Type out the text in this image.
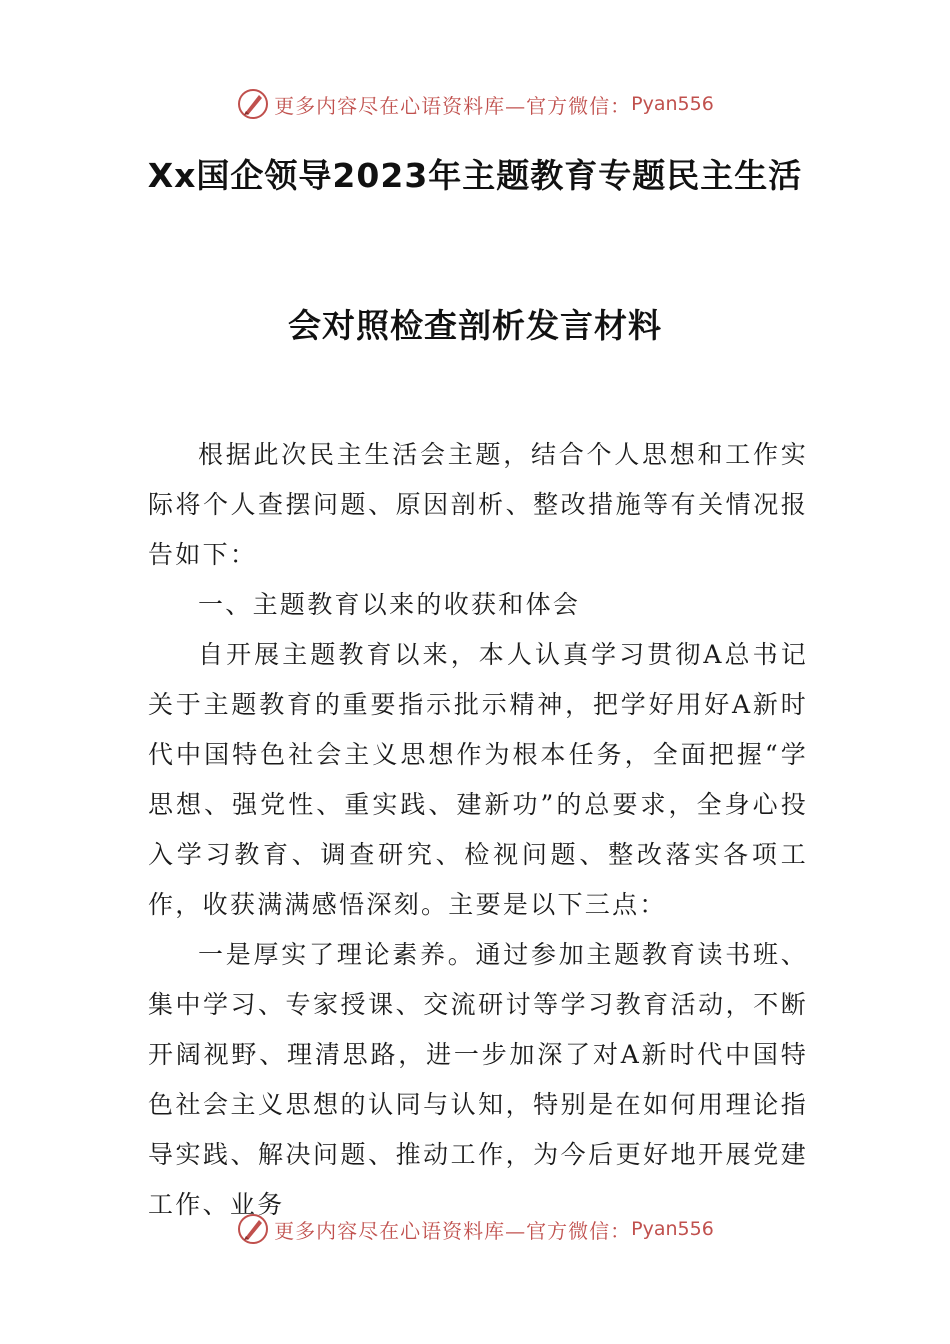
更多内容尽在心语资料库—官方微信： Pyan556
Xx国企领导2023年主题教育专题民主生活
会对照检查剖析发言材料

根据此次民主生活会主题，结合个人思想和工作实际将个人查摆问题、原因剖析、整改措施等有关情况报告如下：

一、主题教育以来的收获和体会

自开展主题教育以来，本人认真学习贯彻A总书记关于主题教育的重要指示批示精神，把学好用好A新时代中国特色社会主义思想作为根本任务，全面把握“学思想、强党性、重实践、建新功”的总要求，全身心投入学习教育、调查研究、检视问题、整改落实各项工作，收获满满感悟深刻。主要是以下三点：

一是厚实了理论素养。通过参加主题教育读书班、集中学习、专家授课、交流研讨等学习教育活动，不断开阔视野、理清思路，进一步加深了对A新时代中国特色社会主义思想的认同与认知，特别是在如何用理论指导实践、解决问题、推动工作，为今后更好地开展党建工作、业务

更多内容尽在心语资料库—官方微信： Pyan556
